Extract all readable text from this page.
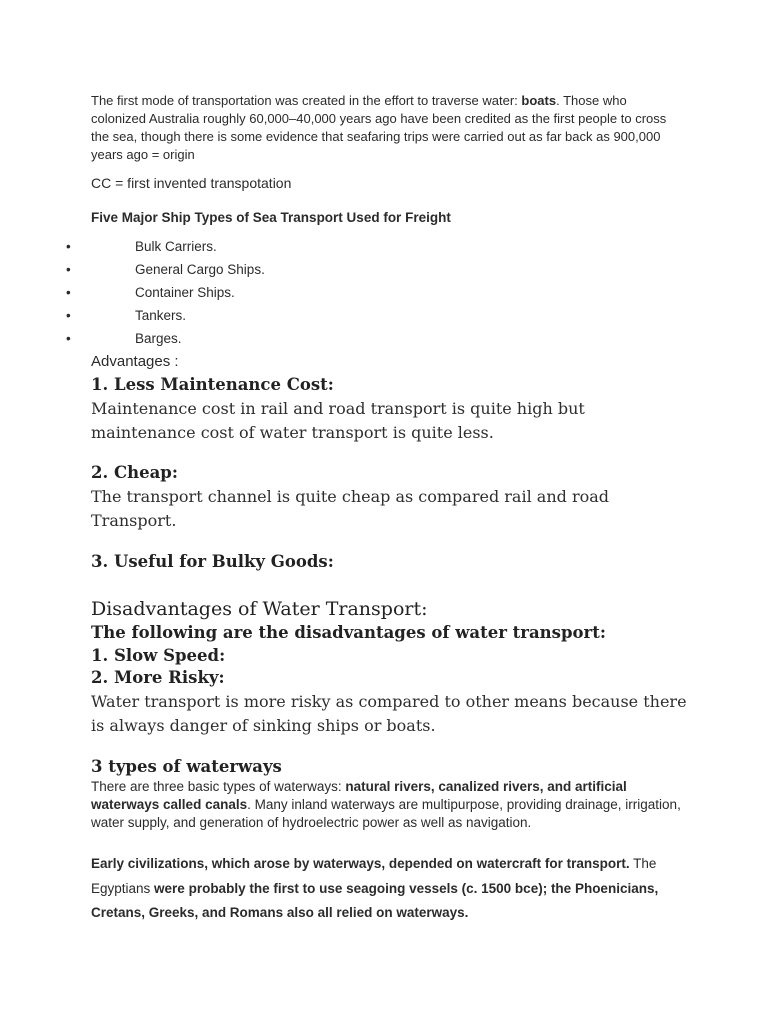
The first mode of transportation was created in the effort to traverse water: boats. Those who colonized Australia roughly 60,000–40,000 years ago have been credited as the first people to cross the sea, though there is some evidence that seafaring trips were carried out as far back as 900,000 years ago = origin

CC = first invented transpotation

Five Major Ship Types of Sea Transport Used for Freight

•	Bulk Carriers.
•	General Cargo Ships.
•	Container Ships.
•	Tankers.
•	Barges.

Advantages :

1. Less Maintenance Cost:

Maintenance cost in rail and road transport is quite high but maintenance cost of water transport is quite less.

2. Cheap:

The transport channel is quite cheap as compared rail and road Transport.

3. Useful for Bulky Goods:

Disadvantages of Water Transport:

The following are the disadvantages of water transport:

1. Slow Speed:

2. More Risky:

Water transport is more risky as compared to other means because there is always danger of sinking ships or boats.

3 types of waterways

There are three basic types of waterways: natural rivers, canalized rivers, and artificial waterways called canals. Many inland waterways are multipurpose, providing drainage, irrigation, water supply, and generation of hydroelectric power as well as navigation.

Early civilizations, which arose by waterways, depended on watercraft for transport. The Egyptians were probably the first to use seagoing vessels (c. 1500 bce); the Phoenicians, Cretans, Greeks, and Romans also all relied on waterways.
